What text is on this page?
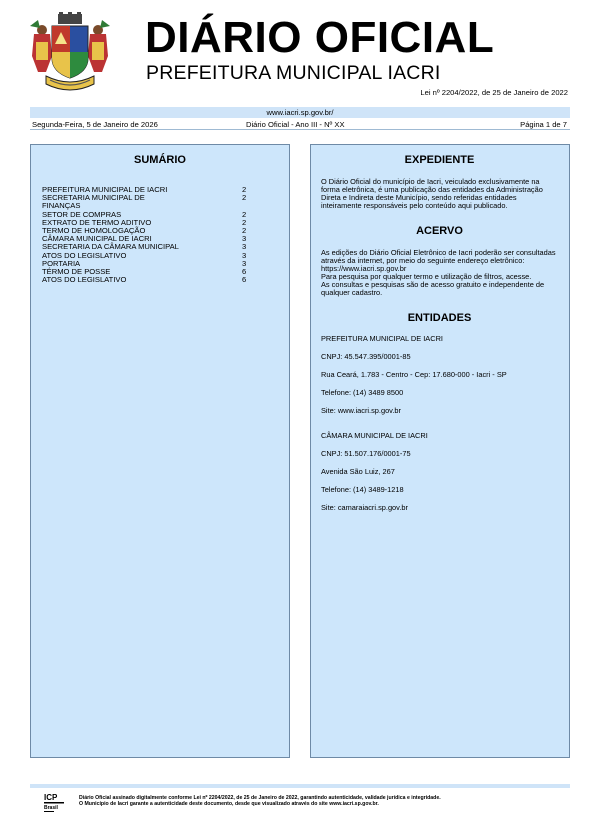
DIÁRIO OFICIAL
PREFEITURA MUNICIPAL IACRI
Lei nº 2204/2022, de 25 de Janeiro de 2022
www.iacri.sp.gov.br/
Segunda-Feira, 5 de Janeiro de 2026	Diário Oficial - Ano III - Nº XX	Página 1 de 7
SUMÁRIO
PREFEITURA MUNICIPAL DE IACRI	2
SECRETARIA MUNICIPAL DE	2
FINANÇAS
SETOR DE COMPRAS	2
EXTRATO DE TERMO ADITIVO	2
TERMO DE HOMOLOGAÇÃO	2
CÂMARA MUNICIPAL DE IACRI	3
SECRETARIA DA CÂMARA MUNICIPAL	3
ATOS DO LEGISLATIVO	3
PORTARIA	3
TÉRMO DE POSSE	6
ATOS DO LEGISLATIVO	6
EXPEDIENTE

O Diário Oficial do município de Iacri, veiculado exclusivamente na forma eletrônica, é uma publicação das entidades da Administração Direta e Indireta deste Município, sendo referidas entidades inteiramente responsáveis pelo conteúdo aqui publicado.

ACERVO
As edições do Diário Oficial Eletrônico de Iacri poderão ser consultadas através da internet, por meio do seguinte endereço eletrônico: https://www.iacri.sp.gov.br
Para pesquisa por qualquer termo e utilização de filtros, acesse.
As consultas e pesquisas são de acesso gratuito e independente de qualquer cadastro.
ENTIDADES
PREFEITURA MUNICIPAL DE IACRI
CNPJ: 45.547.395/0001-85
Rua Ceará, 1.783 - Centro - Cep: 17.680-000 - Iacri - SP
Telefone: (14) 3489 8500
Site: www.iacri.sp.gov.br
CÂMARA MUNICIPAL DE IACRI
CNPJ: 51.507.176/0001-75
Avenida São Luiz, 267
Telefone: (14) 3489-1218
Site: camaraiacri.sp.gov.br
ICP
Brasil
Diário Oficial assinado digitalmente conforme Lei nº 2204/2022, de 25 de Janeiro de 2022, garantindo autenticidade, validade jurídica e integridade.
O Município de Iacri garante a autenticidade deste documento, desde que visualizado através do site www.iacri.sp.gov.br.
